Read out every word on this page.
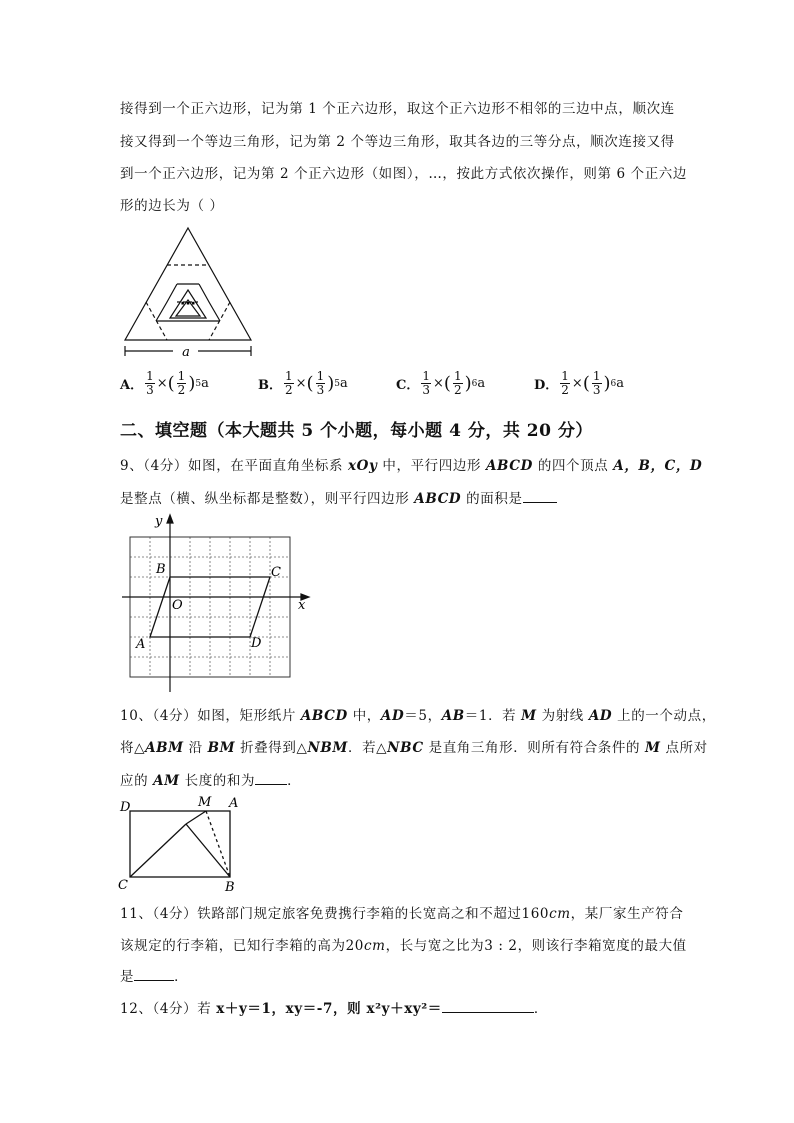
接得到一个正六边形，记为第 1 个正六边形，取这个正六边形不相邻的三边中点，顺次连
接又得到一个等边三角形，记为第 2 个等边三角形，取其各边的三等分点，顺次连接又得
到一个正六边形，记为第 2 个正六边形（如图），…，按此方式依次操作，则第 6 个正六边
形的边长为（ ）
···
a
A． $\frac{1}{3}$ × ( $\frac{1}{2}$ ) 5 a	B． $\frac{1}{2}$ × ( $\frac{1}{3}$ ) 5 a	C． $\frac{1}{3}$ × ( $\frac{1}{2}$ ) 6 a	D． $\frac{1}{2}$ × ( $\frac{1}{3}$ ) 6 a
二、填空题（本大题共 5 个小题，每小题 4 分，共 20 分）
9、（4分）如图，在平面直角坐标系 xOy 中，平行四边形 ABCD 的四个顶点 A，B，C，D
是整点（横、纵坐标都是整数），则平行四边形 ABCD 的面积是
y
x
O
A
B	C
D
10、（4分）如图，矩形纸片 ABCD 中，AD＝5，AB＝1．若 M 为射线 AD 上的一个动点，
将△ABM 沿 BM 折叠得到△NBM．若△NBC 是直角三角形．则所有符合条件的 M 点所对
应的 AM 长度的和为 ．
D	M A
C	B
11、（4分）铁路部门规定旅客免费携行李箱的长宽高之和不超过160cm，某厂家生产符合
该规定的行李箱，已知行李箱的高为20cm，长与宽之比为3 : 2，则该行李箱宽度的最大值
是	．
12、（4分）若 x＋y＝1，xy＝-7，则 x²y＋xy²＝	．
